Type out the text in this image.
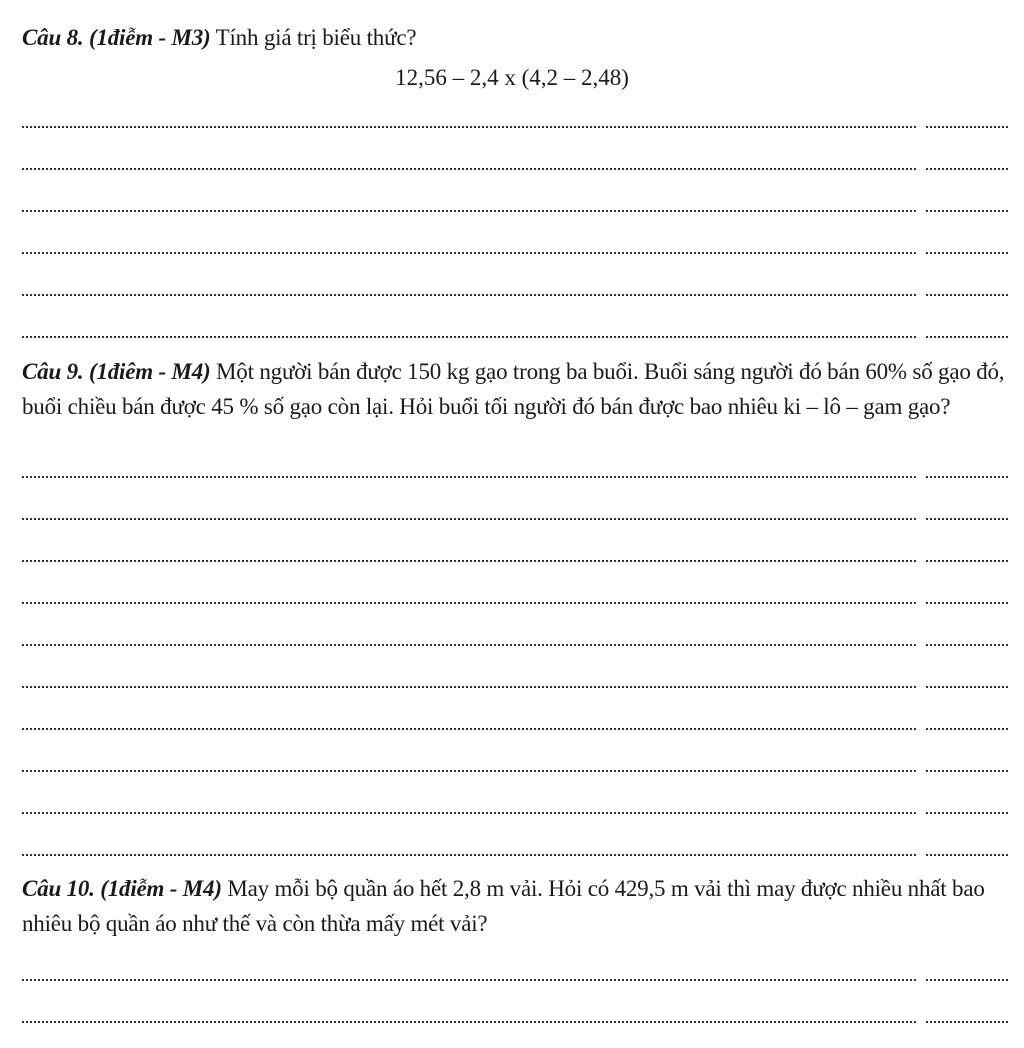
Câu 8. (1điễm - M3) Tính giá trị biểu thức?
12,56 – 2,4 x (4,2 – 2,48)
Câu 9. (1điêm - M4) Một người bán được 150 kg gạo trong ba buổi. Buổi sáng người đó bán 60% số gạo đó, buổi chiều bán được 45 % số gạo còn lại. Hỏi buổi tối người đó bán được bao nhiêu ki – lô – gam gạo?
Câu 10. (1điễm - M4) May mỗi bộ quần áo hết 2,8 m vải. Hỏi có 429,5 m vải thì may được nhiều nhất bao nhiêu bộ quần áo như thế và còn thừa mấy mét vải?
